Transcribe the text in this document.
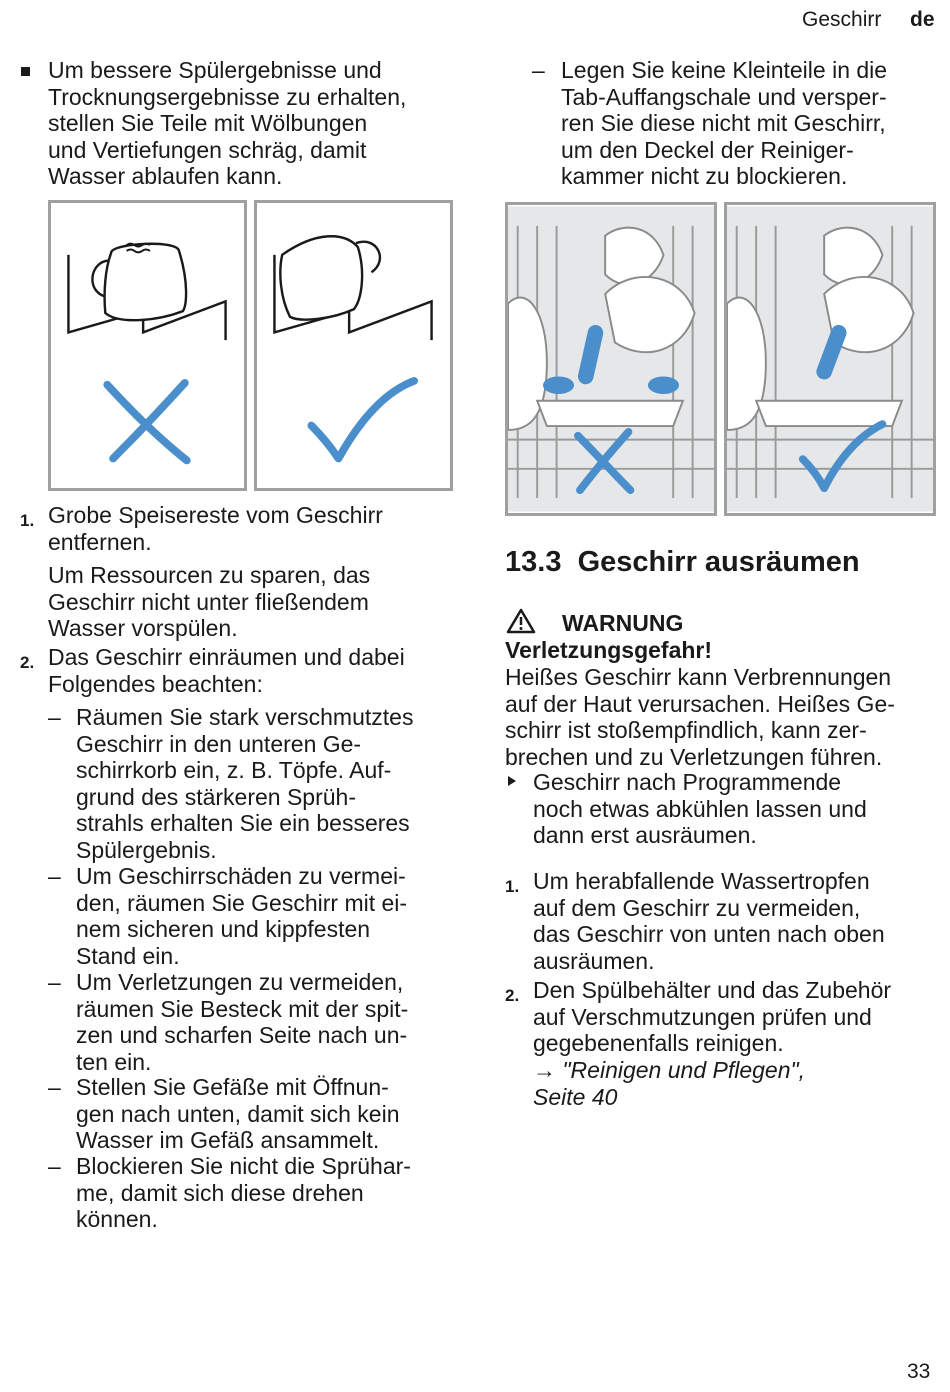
Geschirr de
Um bessere Spülergebnisse und
Trocknungsergebnisse zu erhalten,
stellen Sie Teile mit Wölbungen
und Vertiefungen schräg, damit
Wasser ablaufen kann.
– Legen Sie keine Kleinteile in die
Tab-Auffangschale und versper-
ren Sie diese nicht mit Geschirr,
um den Deckel der Reiniger-
kammer nicht zu blockieren.
1. Grobe Speisereste vom Geschirr
entfernen.
Um Ressourcen zu sparen, das
Geschirr nicht unter fließendem
Wasser vorspülen.
2. Das Geschirr einräumen und dabei
Folgendes beachten:
– Räumen Sie stark verschmutztes
Geschirr in den unteren Ge-
schirrkorb ein, z. B. Töpfe. Auf-
grund des stärkeren Sprüh-
strahls erhalten Sie ein besseres
Spülergebnis.
– Um Geschirrschäden zu vermei-
den, räumen Sie Geschirr mit ei-
nem sicheren und kippfesten
Stand ein.
– Um Verletzungen zu vermeiden,
räumen Sie Besteck mit der spit-
zen und scharfen Seite nach un-
ten ein.
– Stellen Sie Gefäße mit Öffnun-
gen nach unten, damit sich kein
Wasser im Gefäß ansammelt.
– Blockieren Sie nicht die Sprühar-
me, damit sich diese drehen
können.
13.3 Geschirr ausräumen
WARNUNG
Verletzungsgefahr!
Heißes Geschirr kann Verbrennungen
auf der Haut verursachen. Heißes Ge-
schirr ist stoßempfindlich, kann zer-
brechen und zu Verletzungen führen.
Geschirr nach Programmende
noch etwas abkühlen lassen und
dann erst ausräumen.
1. Um herabfallende Wassertropfen
auf dem Geschirr zu vermeiden,
das Geschirr von unten nach oben
ausräumen.
2. Den Spülbehälter und das Zubehör
auf Verschmutzungen prüfen und
gegebenenfalls reinigen.
→ "Reinigen und Pflegen",
Seite 40
33
